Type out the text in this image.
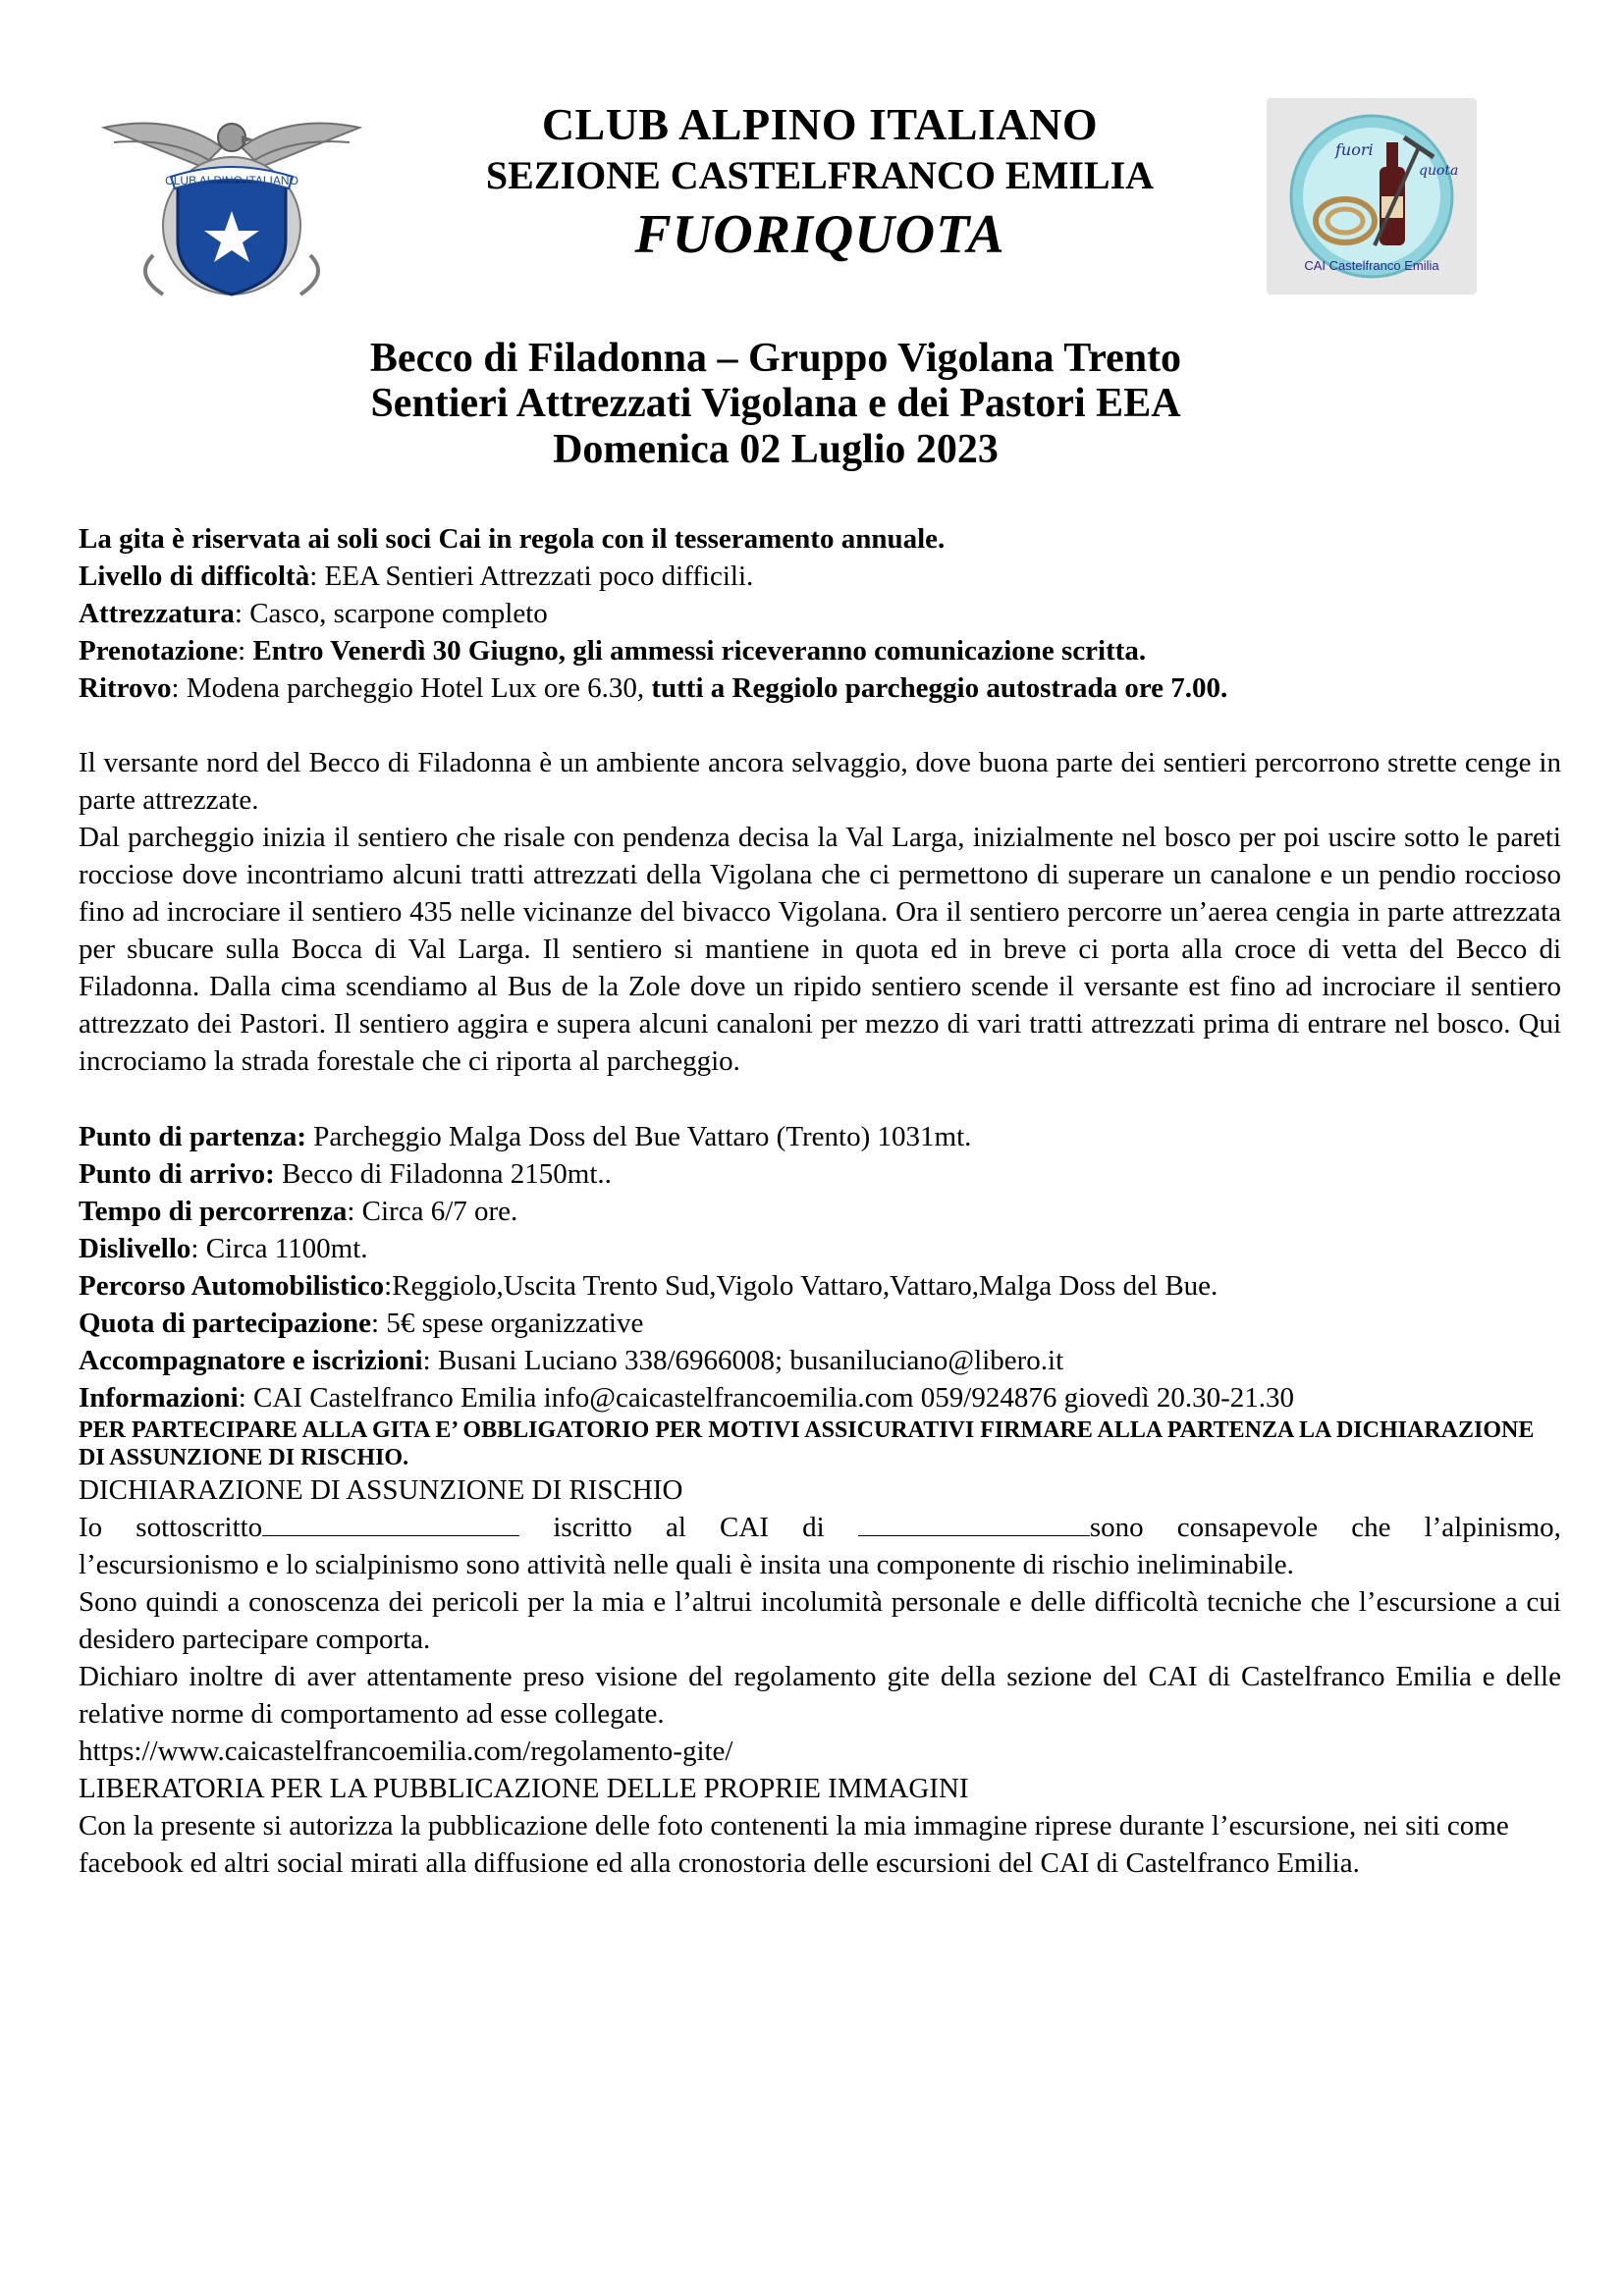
CLUB ALPINO ITALIANO
CLUB ALPINO ITALIANO
SEZIONE CASTELFRANCO EMILIA
FUORIQUOTA
fuori
quota
CAI Castelfranco Emilia
Becco di Filadonna – Gruppo Vigolana Trento
Sentieri Attrezzati Vigolana e dei Pastori EEA
Domenica 02 Luglio 2023

La gita è riservata ai soli soci Cai in regola con il tesseramento annuale.

Livello di difficoltà: EEA Sentieri Attrezzati poco difficili.

Attrezzatura: Casco, scarpone completo

Prenotazione: Entro Venerdì 30 Giugno, gli ammessi riceveranno comunicazione scritta.

Ritrovo: Modena parcheggio Hotel Lux ore 6.30, tutti a Reggiolo parcheggio autostrada ore 7.00.

Il versante nord del Becco di Filadonna è un ambiente ancora selvaggio, dove buona parte dei sentieri percorrono strette cenge in parte attrezzate.

Dal parcheggio inizia il sentiero che risale con pendenza decisa la Val Larga, inizialmente nel bosco per poi uscire sotto le pareti rocciose dove incontriamo alcuni tratti attrezzati della Vigolana che ci permettono di superare un canalone e un pendio roccioso fino ad incrociare il sentiero 435 nelle vicinanze del bivacco Vigolana. Ora il sentiero percorre un’aerea cengia in parte attrezzata per sbucare sulla Bocca di Val Larga. Il sentiero si mantiene in quota ed in breve ci porta alla croce di vetta del Becco di Filadonna. Dalla cima scendiamo al Bus de la Zole dove un ripido sentiero scende il versante est fino ad incrociare il sentiero attrezzato dei Pastori. Il sentiero aggira e supera alcuni canaloni per mezzo di vari tratti attrezzati prima di entrare nel bosco. Qui incrociamo la strada forestale che ci riporta al parcheggio.

Punto di partenza: Parcheggio Malga Doss del Bue Vattaro (Trento) 1031mt.

Punto di arrivo: Becco di Filadonna 2150mt..

Tempo di percorrenza: Circa 6/7 ore.

Dislivello: Circa 1100mt.

Percorso Automobilistico:Reggiolo,Uscita Trento Sud,Vigolo Vattaro,Vattaro,Malga Doss del Bue.

Quota di partecipazione: 5€ spese organizzative

Accompagnatore e iscrizioni: Busani Luciano 338/6966008; busaniluciano@libero.it

Informazioni: CAI Castelfranco Emilia info@caicastelfrancoemilia.com 059/924876 giovedì 20.30-21.30

PER PARTECIPARE ALLA GITA E’ OBBLIGATORIO PER MOTIVI ASSICURATIVI FIRMARE ALLA PARTENZA LA DICHIARAZIONE DI ASSUNZIONE DI RISCHIO.

DICHIARAZIONE DI ASSUNZIONE DI RISCHIO

Io sottoscritto	iscritto al CAI di	sono consapevole che l’alpinismo,

l’escursionismo e lo scialpinismo sono attività nelle quali è insita una componente di rischio ineliminabile.

Sono quindi a conoscenza dei pericoli per la mia e l’altrui incolumità personale e delle difficoltà tecniche che l’escursione a cui desidero partecipare comporta.

Dichiaro inoltre di aver attentamente preso visione del regolamento gite della sezione del CAI di Castelfranco Emilia e delle relative norme di comportamento ad esse collegate.

https://www.caicastelfrancoemilia.com/regolamento-gite/

LIBERATORIA PER LA PUBBLICAZIONE DELLE PROPRIE IMMAGINI

Con la presente si autorizza la pubblicazione delle foto contenenti la mia immagine riprese durante l’escursione, nei siti come facebook ed altri social mirati alla diffusione ed alla cronostoria delle escursioni del CAI di Castelfranco Emilia.
